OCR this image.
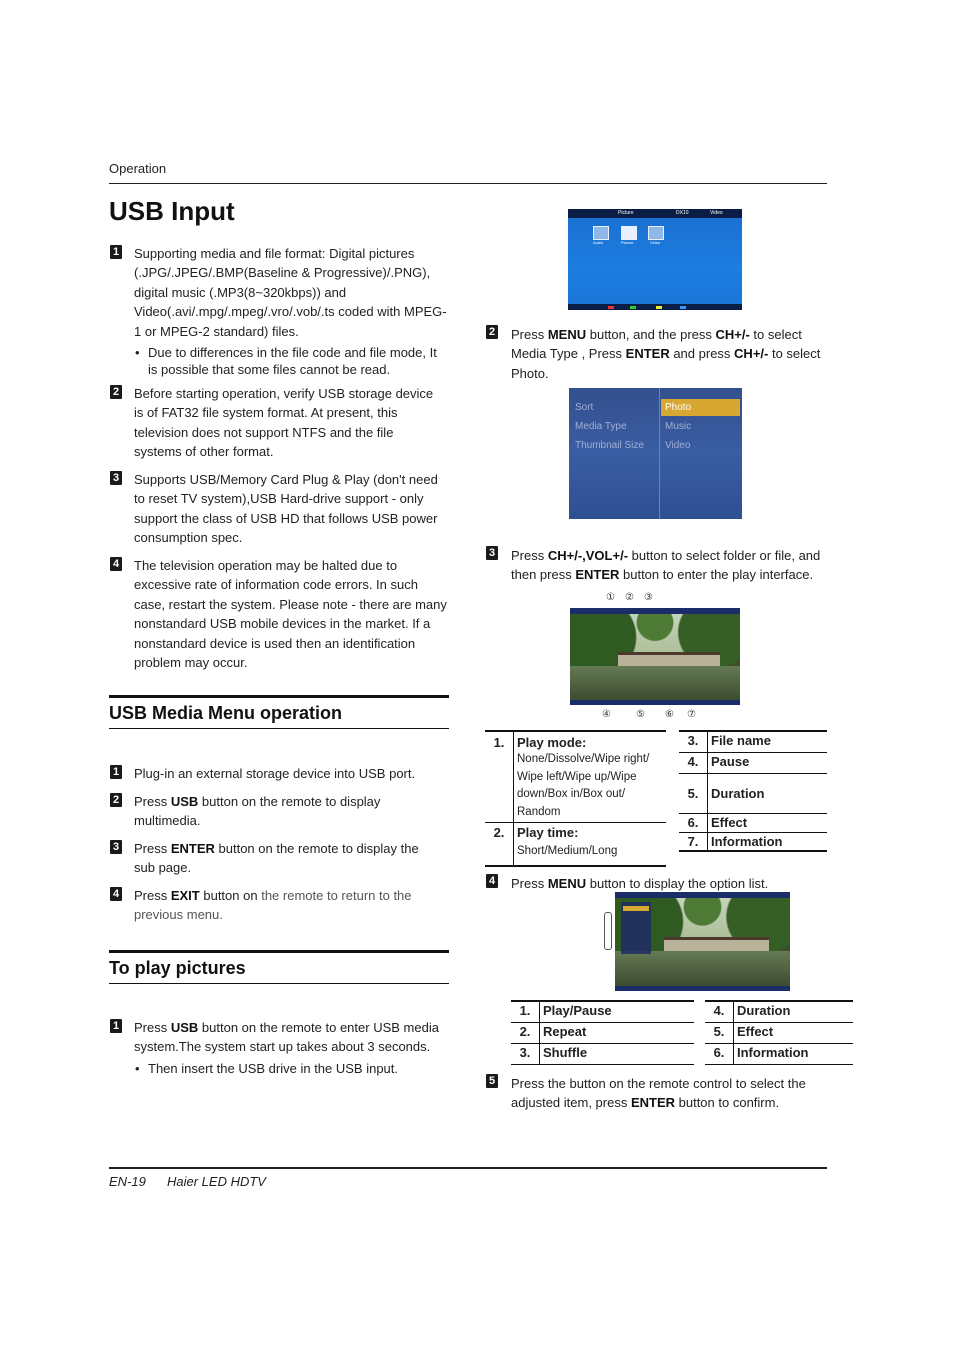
Operation
USB Input
1 Supporting media and file format: Digital pictures (.JPG/.JPEG/.BMP(Baseline & Progressive)/.PNG), digital music (.MP3(8~320kbps)) and Video(.avi/.mpg/.mpeg/.vro/.vob/.ts coded with MPEG-1 or MPEG-2 standard) files.
• Due to differences in the file code and file mode, It is possible that some files cannot be read.
2 Before starting operation, verify USB storage device is of FAT32 file system format. At present, this television does not support NTFS and the file systems of other format.
3 Supports USB/Memory Card Plug & Play (don't need to reset TV system),USB Hard-drive support - only support the class of USB HD that follows USB power consumption spec.
4 The television operation may be halted due to excessive rate of information code errors. In such case, restart the system. Please note - there are many nonstandard USB mobile devices in the market. If a nonstandard device is used then an identification problem may occur.
USB Media Menu operation
1 Plug-in an external storage device into USB port.
2 Press USB button on the remote to display multimedia.
3 Press ENTER button on the remote to display the sub page.
4 Press EXIT button on the remote to return to the previous menu.
To play pictures
1 Press USB button on the remote to enter USB media system.The system start up takes about 3 seconds.
• Then insert the USB drive in the USB input.
Picture	DX10	Video
Audio	Picture	Video
2 Press MENU button, and the press CH+/- to select Media Type , Press ENTER and press CH+/- to select Photo.
Sort
Media Type
Thumbnail Size
Photo
Music
Video
3 Press CH+/-,VOL+/- button to select folder or file, and then press ENTER button to enter the play interface.
① ② ③
④	⑤ ⑥ ⑦
1.	Play mode:
None/Dissolve/Wipe right/ Wipe left/Wipe up/Wipe down/Box in/Box out/ Random
2.	Play time:
Short/Medium/Long
3.	File name
4.	Pause
5.	Duration
6.	Effect
7.	Information
4 Press MENU button to display the option list.
1.	Play/Pause
2.	Repeat
3.	Shuffle
4.	Duration
5.	Effect
6.	Information
5 Press the button on the remote control to select the adjusted item, press ENTER button to confirm.
EN-19 Haier LED HDTV
